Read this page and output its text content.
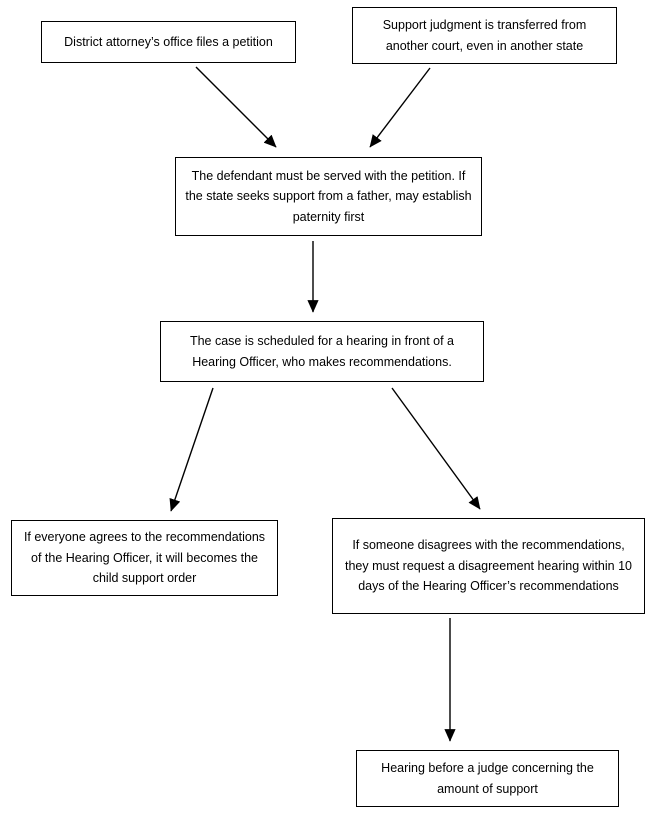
District attorney’s office files a petition
Support judgment is transferred from another court, even in another state
The defendant must be served with the petition. If the state seeks support from a father, may establish paternity first
The case is scheduled for a hearing in front of a Hearing Officer, who makes recommendations.
If everyone agrees to the recommendations of the Hearing Officer, it will becomes the child support order
If someone disagrees with the recommendations, they must request a disagreement hearing within 10 days of the Hearing Officer’s recommendations
Hearing before a judge concerning the amount of support
